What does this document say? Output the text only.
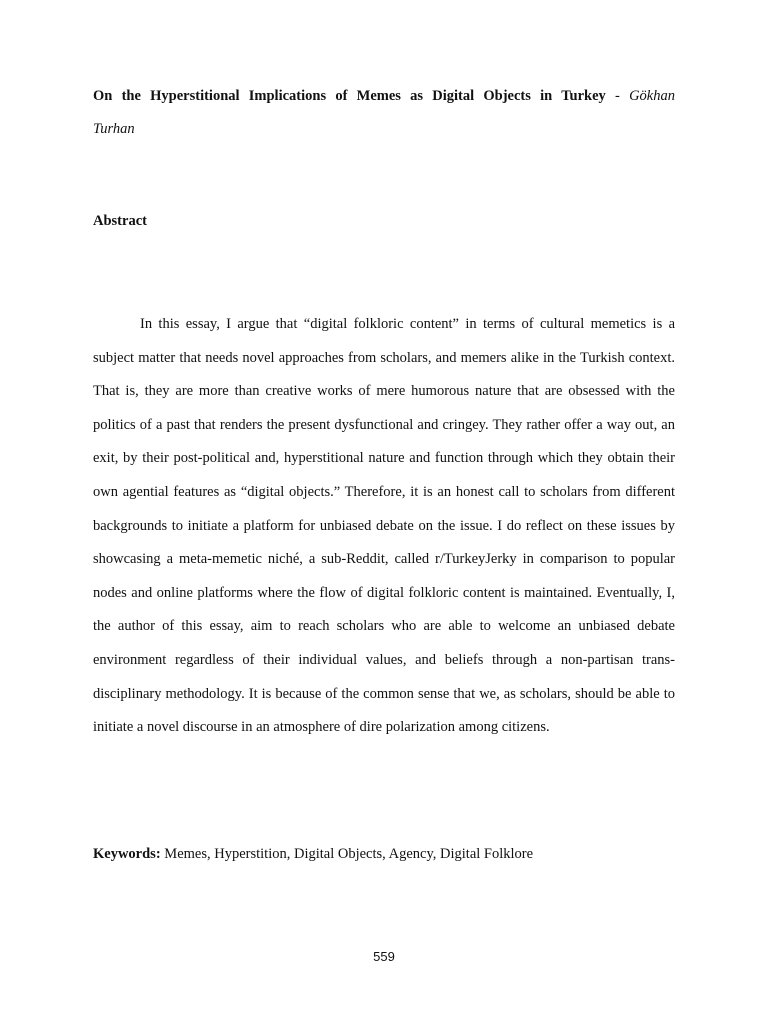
On the Hyperstitional Implications of Memes as Digital Objects in Turkey - Gökhan

Turhan

Abstract

In this essay, I argue that “digital folkloric content” in terms of cultural memetics is a subject matter that needs novel approaches from scholars, and memers alike in the Turkish context. That is, they are more than creative works of mere humorous nature that are obsessed with the politics of a past that renders the present dysfunctional and cringey. They rather offer a way out, an exit, by their post-political and, hyperstitional nature and function through which they obtain their own agential features as “digital objects.” Therefore, it is an honest call to scholars from different backgrounds to initiate a platform for unbiased debate on the issue. I do reflect on these issues by showcasing a meta-memetic niché, a sub-Reddit, called r/TurkeyJerky in comparison to popular nodes and online platforms where the flow of digital folkloric content is maintained. Eventually, I, the author of this essay, aim to reach scholars who are able to welcome an unbiased debate environment regardless of their individual values, and beliefs through a non-partisan trans-disciplinary methodology. It is because of the common sense that we, as scholars, should be able to initiate a novel discourse in an atmosphere of dire polarization among citizens.

Keywords: Memes, Hyperstition, Digital Objects, Agency, Digital Folklore

559
